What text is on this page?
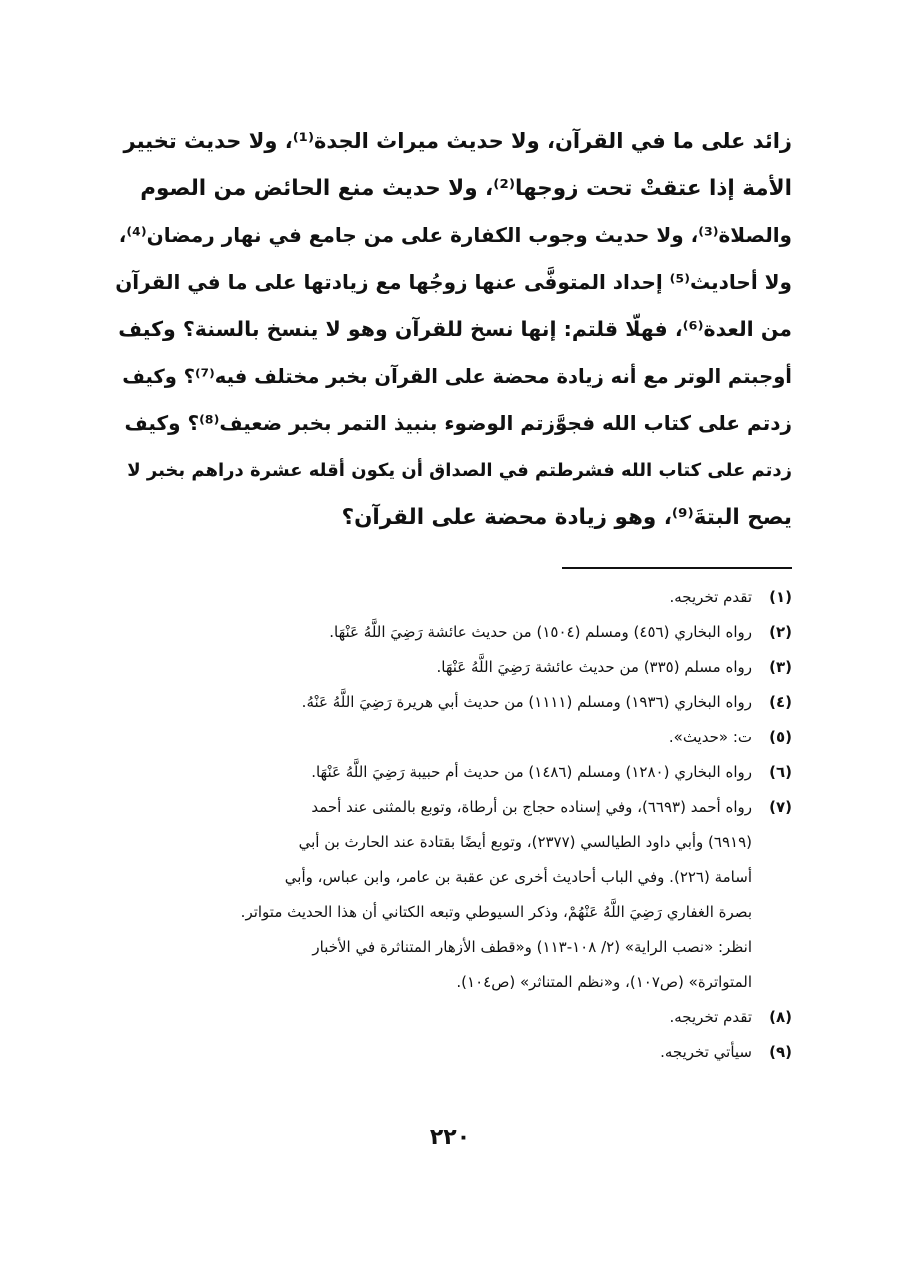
زائد على ما في القرآن، ولا حديث ميراث الجدة⁽¹⁾، ولا حديث تخيير
الأمة إذا عتقتْ تحت زوجها⁽²⁾، ولا حديث منع الحائض من الصوم
والصلاة⁽³⁾، ولا حديث وجوب الكفارة على من جامع في نهار رمضان⁽⁴⁾،
ولا أحاديث⁽⁵⁾ إحداد المتوفَّى عنها زوجُها مع زيادتها على ما في القرآن
من العدة⁽⁶⁾، فهلّا قلتم: إنها نسخ للقرآن وهو لا ينسخ بالسنة؟ وكيف
أوجبتم الوتر مع أنه زيادة محضة على القرآن بخبر مختلف فيه⁽⁷⁾؟ وكيف
زدتم على كتاب الله فجوَّزتم الوضوء بنبيذ التمر بخبر ضعيف⁽⁸⁾؟ وكيف
زدتم على كتاب الله فشرطتم في الصداق أن يكون أقله عشرة دراهم بخبر لا
يصح البتةَ⁽⁹⁾، وهو زيادة محضة على القرآن؟
(١)
تقدم تخريجه.
(٢)
رواه البخاري (٤٥٦) ومسلم (١٥٠٤) من حديث عائشة رَضِيَ اللَّهُ عَنْهَا.
(٣)
رواه مسلم (٣٣٥) من حديث عائشة رَضِيَ اللَّهُ عَنْهَا.
(٤)
رواه البخاري (١٩٣٦) ومسلم (١١١١) من حديث أبي هريرة رَضِيَ اللَّهُ عَنْهُ.
(٥)
ت: «حديث».
(٦)
رواه البخاري (١٢٨٠) ومسلم (١٤٨٦) من حديث أم حبيبة رَضِيَ اللَّهُ عَنْهَا.
(٧)
رواه أحمد (٦٦٩٣)، وفي إسناده حجاج بن أرطاة، وتوبع بالمثنى عند أحمد
(٦٩١٩) وأبي داود الطيالسي (٢٣٧٧)، وتوبع أيضًا بقتادة عند الحارث بن أبي
أسامة (٢٢٦). وفي الباب أحاديث أخرى عن عقبة بن عامر، وابن عباس، وأبي
بصرة الغفاري رَضِيَ اللَّهُ عَنْهُمْ، وذكر السيوطي وتبعه الكتاني أن هذا الحديث متواتر.
انظر: «نصب الراية» (٢/ ١٠٨-١١٣) و«قطف الأزهار المتناثرة في الأخبار
المتواترة» (ص١٠٧)، و«نظم المتناثر» (ص١٠٤).
(٨)
تقدم تخريجه.
(٩)
سيأتي تخريجه.
٢٢٠
